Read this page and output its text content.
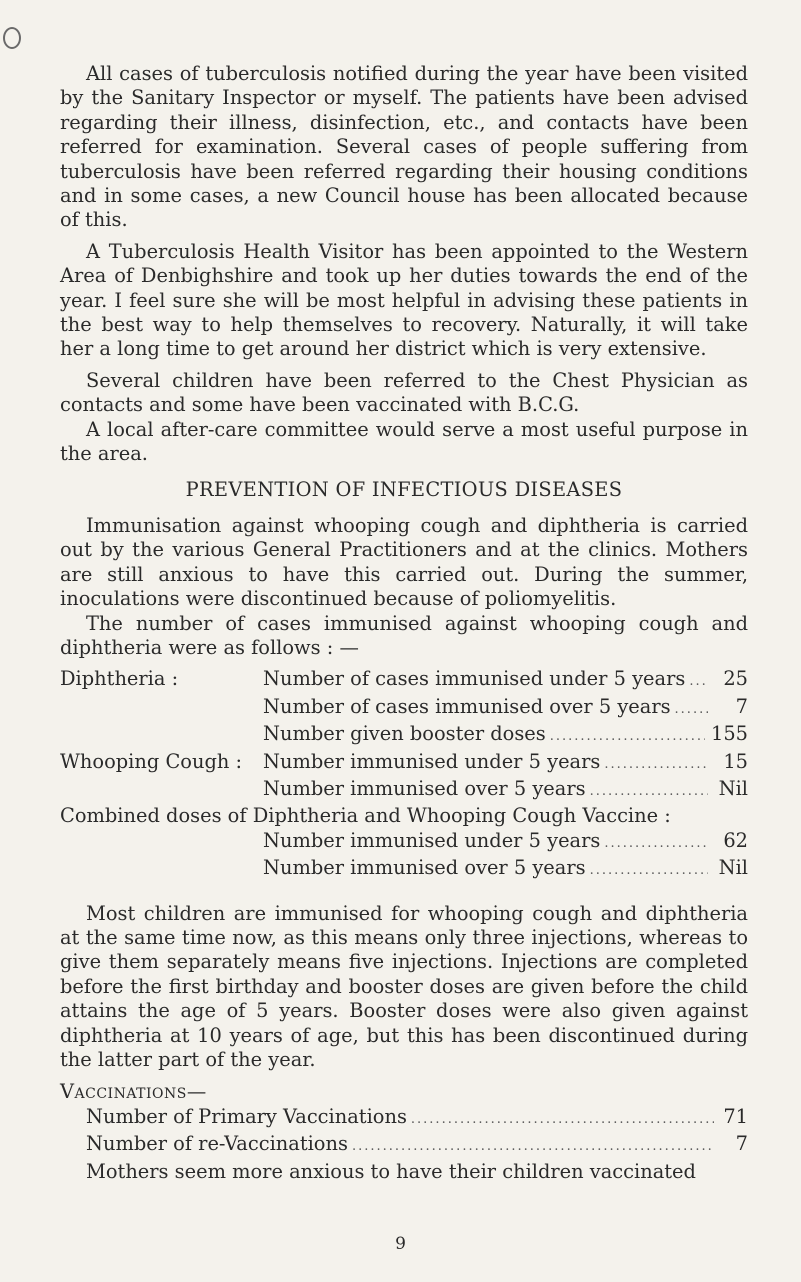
All cases of tuberculosis notified during the year have been visited by the Sanitary Inspector or myself. The patients have been advised regarding their illness, disinfection, etc., and contacts have been referred for examination. Several cases of people suffering from tuberculosis have been referred regarding their housing conditions and in some cases, a new Council house has been allocated because of this.

A Tuberculosis Health Visitor has been appointed to the Western Area of Denbighshire and took up her duties towards the end of the year. I feel sure she will be most helpful in advising these patients in the best way to help themselves to recovery. Naturally, it will take her a long time to get around her district which is very extensive.

Several children have been referred to the Chest Physician as contacts and some have been vaccinated with B.C.G.

A local after-care committee would serve a most useful purpose in the area.

PREVENTION OF INFECTIOUS DISEASES

Immunisation against whooping cough and diphtheria is carried out by the various General Practitioners and at the clinics. Mothers are still anxious to have this carried out. During the summer, inoculations were discontinued because of poliomyelitis.

The number of cases immunised against whooping cough and diphtheria were as follows : —

Diphtheria :	Number of cases immunised under 5 years .....	25
Number of cases immunised over 5 years .....	7
Number given booster doses .....	155
Whooping Cough :	Number immunised under 5 years .....	15
Number immunised over 5 years .....	Nil
Combined doses of Diphtheria and Whooping Cough Vaccine :
Number immunised under 5 years .....	62
Number immunised over 5 years .....	Nil

Most children are immunised for whooping cough and diphtheria at the same time now, as this means only three injections, whereas to give them separately means five injections. Injections are completed before the first birthday and booster doses are given before the child attains the age of 5 years. Booster doses were also given against diphtheria at 10 years of age, but this has been discontinued during the latter part of the year.

Vaccinations—
Number of Primary Vaccinations .....	71
Number of re-Vaccinations .....	7

Mothers seem more anxious to have their children vaccinated

9
